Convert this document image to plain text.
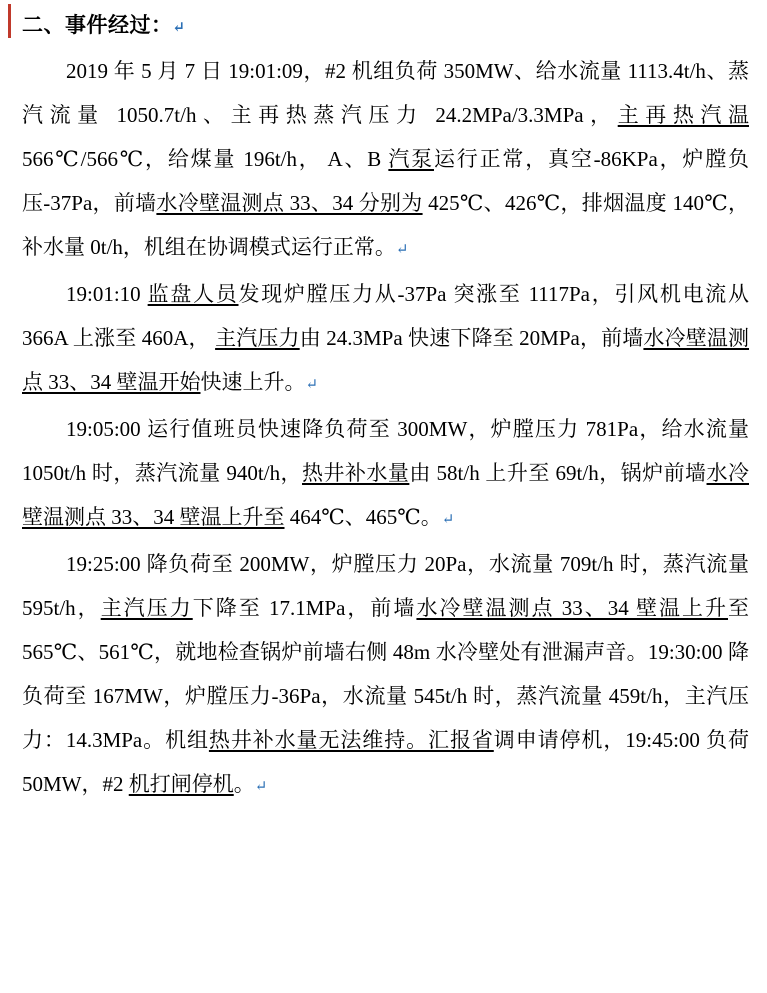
二、事件经过：↵

2019 年 5 月 7 日 19:01:09，#2 机组负荷 350MW、给水流量 1113.4t/h、蒸汽流量 1050.7t/h、主再热蒸汽压力 24.2MPa/3.3MPa，主再热汽温 566℃/566℃，给煤量 196t/h， A、B 汽泵运行正常，真空-86KPa，炉膛负压-37Pa，前墙水冷壁温测点 33、34 分别为 425℃、426℃，排烟温度 140℃，补水量 0t/h，机组在协调模式运行正常。↵

19:01:10 监盘人员发现炉膛压力从-37Pa 突涨至 1117Pa，引风机电流从 366A 上涨至 460A， 主汽压力由 24.3MPa 快速下降至 20MPa，前墙水冷壁温测点 33、34 壁温开始快速上升。↵

19:05:00 运行值班员快速降负荷至 300MW，炉膛压力 781Pa，给水流量 1050t/h 时，蒸汽流量 940t/h，热井补水量由 58t/h 上升至 69t/h，锅炉前墙水冷壁温测点 33、34 壁温上升至 464℃、465℃。↵

19:25:00 降负荷至 200MW，炉膛压力 20Pa，水流量 709t/h 时，蒸汽流量 595t/h，主汽压力下降至 17.1MPa，前墙水冷壁温测点 33、34 壁温上升至 565℃、561℃，就地检查锅炉前墙右侧 48m 水冷壁处有泄漏声音。19:30:00 降负荷至 167MW，炉膛压力-36Pa，水流量 545t/h 时，蒸汽流量 459t/h，主汽压力：14.3MPa。机组热井补水量无法维持。汇报省调申请停机，19:45:00 负荷 50MW，#2 机打闸停机。↵
